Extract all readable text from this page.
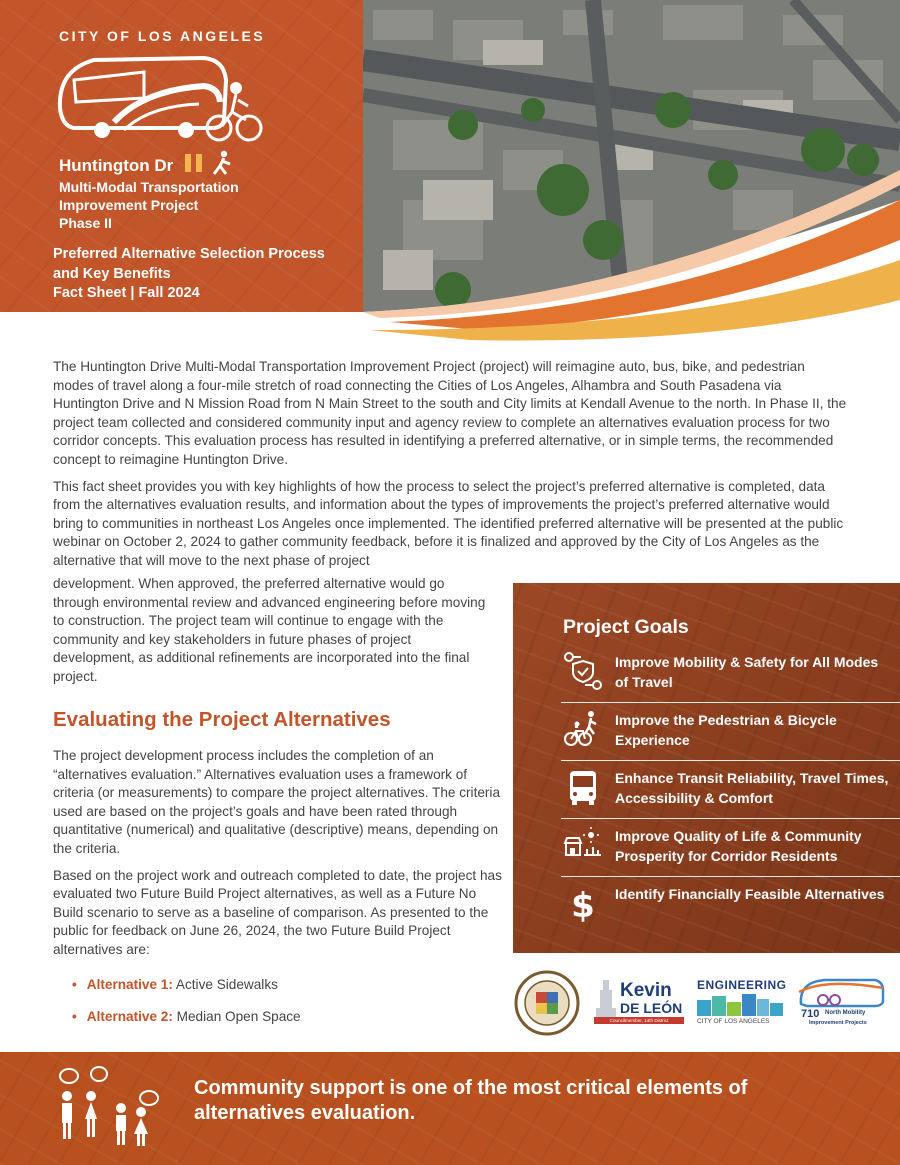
CITY OF LOS ANGELES
Huntington Dr
Multi-Modal Transportation
Improvement Project
Phase II
Preferred Alternative Selection Process
and Key Benefits
Fact Sheet | Fall 2024

The Huntington Drive Multi-Modal Transportation Improvement Project (project) will reimagine auto, bus, bike, and pedestrian modes of travel along a four-mile stretch of road connecting the Cities of Los Angeles, Alhambra and South Pasadena via Huntington Drive and N Mission Road from N Main Street to the south and City limits at Kendall Avenue to the north. In Phase II, the project team collected and considered community input and agency review to complete an alternatives evaluation process for two corridor concepts. This evaluation process has resulted in identifying a preferred alternative, or in simple terms, the recommended concept to reimagine Huntington Drive.

This fact sheet provides you with key highlights of how the process to select the project’s preferred alternative is completed, data from the alternatives evaluation results, and information about the types of improvements the project’s preferred alternative would bring to communities in northeast Los Angeles once implemented. The identified preferred alternative will be presented at the public webinar on October 2, 2024 to gather community feedback, before it is finalized and approved by the City of Los Angeles as the alternative that will move to the next phase of project

development. When approved, the preferred alternative would go through environmental review and advanced engineering before moving to construction. The project team will continue to engage with the community and key stakeholders in future phases of project development, as additional refinements are incorporated into the final project.
Evaluating the Project Alternatives

The project development process includes the completion of an “alternatives evaluation.” Alternatives evaluation uses a framework of criteria (or measurements) to compare the project alternatives. The criteria used are based on the project’s goals and have been rated through quantitative (numerical) and qualitative (descriptive) means, depending on the criteria.

Based on the project work and outreach completed to date, the project has evaluated two Future Build Project alternatives, as well as a Future No Build scenario to serve as a baseline of comparison. As presented to the public for feedback on June 26, 2024, the two Future Build Project alternatives are:

• Alternative 1: Active Sidewalks
• Alternative 2: Median Open Space
Project Goals
Improve Mobility & Safety for All Modes of Travel
Improve the Pedestrian & Bicycle Experience
Enhance Transit Reliability, Travel Times, Accessibility & Comfort
Improve Quality of Life & Community Prosperity for Corridor Residents
$ Identify Financially Feasible Alternatives
Kevin
DE LEÓN
Councilmember, 14th District
ENGINEERING
CITY OF LOS ANGELES
710 North Mobility
Improvement Projects
Community support is one of the most critical elements of alternatives evaluation.
